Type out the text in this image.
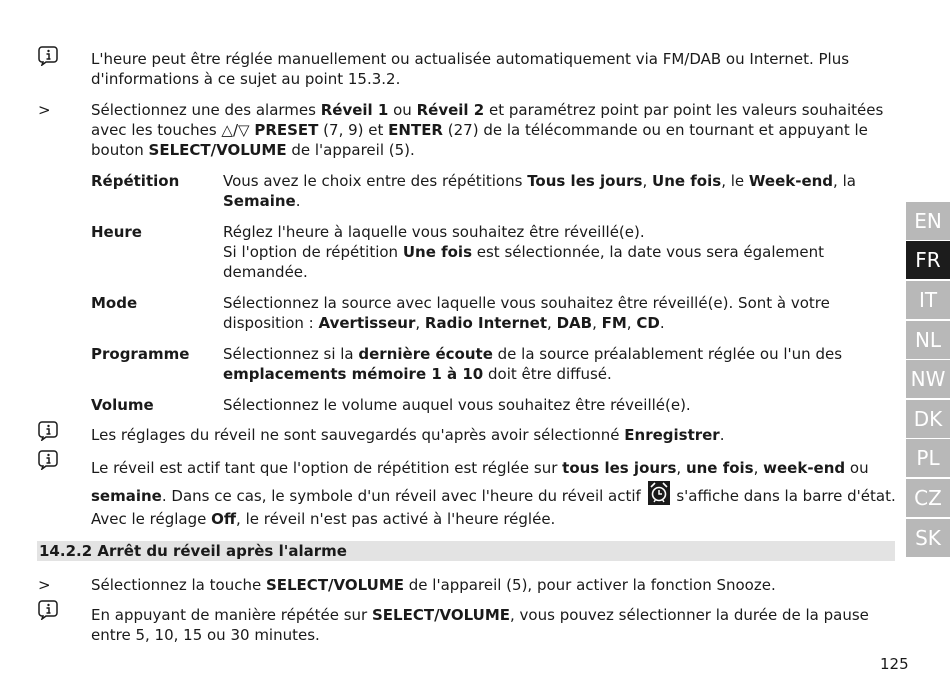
L'heure peut être réglée manuellement ou actualisée automatiquement via FM/DAB ou Internet. Plus d'informations à ce sujet au point 15.3.2.
>	Sélectionnez une des alarmes Réveil 1 ou Réveil 2 et paramétrez point par point les valeurs souhaitées avec les touches △/▽ PRESET (7, 9) et ENTER (27) de la télécommande ou en tournant et appuyant le bouton SELECT/VOLUME de l'appareil (5).
Répétition	Vous avez le choix entre des répétitions Tous les jours, Une fois, le Week-end, la Semaine.
Heure	Réglez l'heure à laquelle vous souhaitez être réveillé(e).
Si l'option de répétition Une fois est sélectionnée, la date vous sera également demandée.
Mode	Sélectionnez la source avec laquelle vous souhaitez être réveillé(e). Sont à votre disposition : Avertisseur, Radio Internet, DAB, FM, CD.
Programme Sélectionnez si la dernière écoute de la source préalablement réglée ou l'un des emplacements mémoire 1 à 10 doit être diffusé.
Volume	Sélectionnez le volume auquel vous souhaitez être réveillé(e).
Les réglages du réveil ne sont sauvegardés qu'après avoir sélectionné Enregistrer.
Le réveil est actif tant que l'option de répétition est réglée sur tous les jours, une fois, week-end ou semaine. Dans ce cas, le symbole d'un réveil avec l'heure du réveil actif  s'affiche dans la barre d'état.
Avec le réglage Off, le réveil n'est pas activé à l'heure réglée.
14.2.2 Arrêt du réveil après l'alarme
>	Sélectionnez la touche SELECT/VOLUME de l'appareil (5), pour activer la fonction Snooze.
En appuyant de manière répétée sur SELECT/VOLUME, vous pouvez sélectionner la durée de la pause entre 5, 10, 15 ou 30 minutes.
EN
FR
IT
NL
NW
DK
PL
CZ
SK
125
